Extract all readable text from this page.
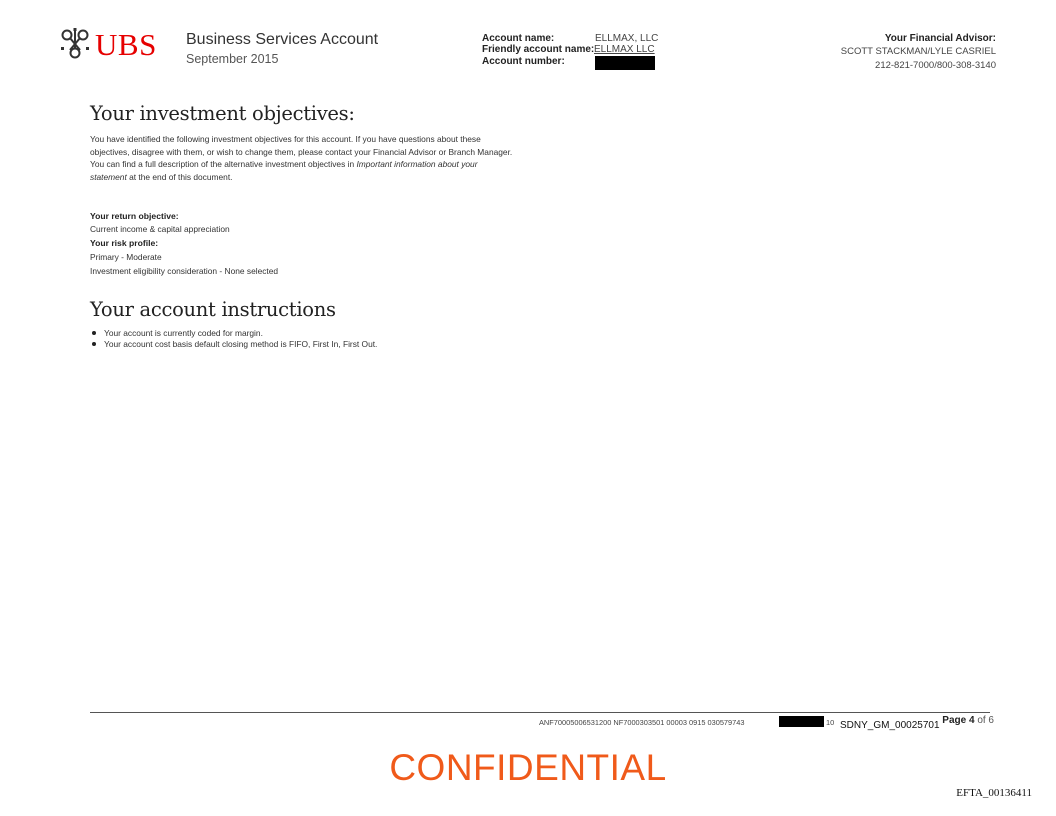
UBS Business Services Account
September 2015
Account name:	ELLMAX, LLC
Friendly account name: ELLMAX LLC
Account number:
Your Financial Advisor:
SCOTT STACKMAN/LYLE CASRIEL
212-821-7000/800-308-3140
Your investment objectives:
You have identified the following investment objectives for this account. If you have questions about these objectives, disagree with them, or wish to change them, please contact your Financial Advisor or Branch Manager. You can find a full description of the alternative investment objectives in Important information about your statement at the end of this document.
Your return objective:
Current income & capital appreciation
Your risk profile:
Primary - Moderate
Investment eligibility consideration - None selected
Your account instructions
Your account is currently coded for margin.
Your account cost basis default closing method is FIFO, First In, First Out.
ANF70005006531200 NF7000303501 00003 0915 030579743	10 SDNY_GM_00025701 Page 4 of 6
CONFIDENTIAL
EFTA_00136411
